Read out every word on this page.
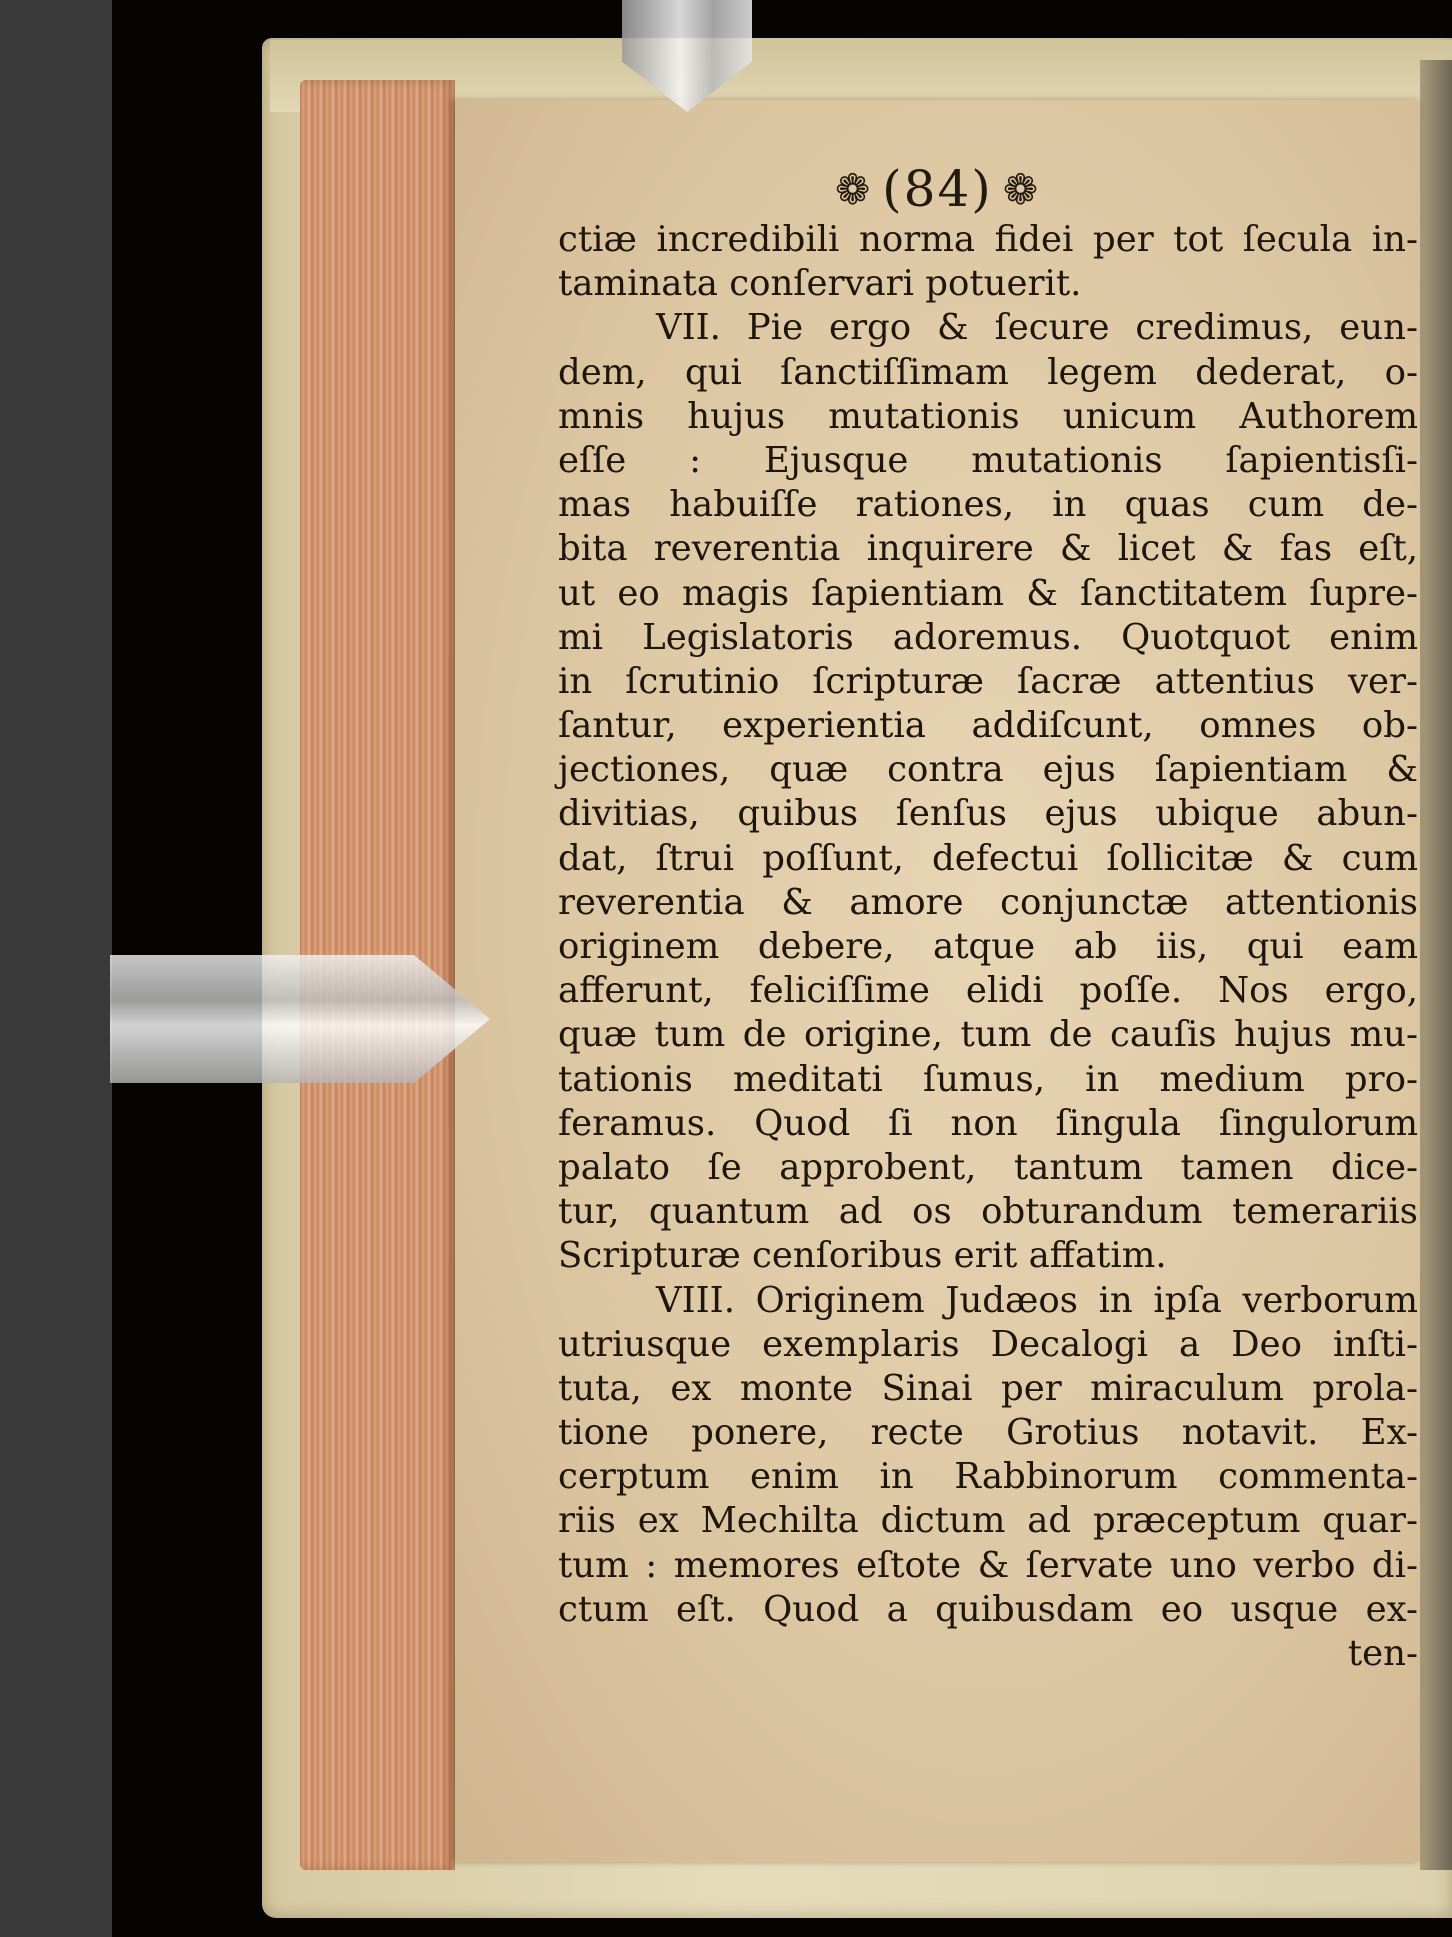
❁ (84) ❁
ctiæ incredibili norma fidei per tot ſecula in-
taminata conſervari potuerit.
VII. Pie ergo & ſecure credimus, eun-
dem, qui ſanctiſſimam legem dederat, o-
mnis hujus mutationis unicum Authorem
eſſe : Ejusque mutationis ſapientisſi-
mas habuiſſe rationes, in quas cum de-
bita reverentia inquirere & licet & fas eſt,
ut eo magis ſapientiam & ſanctitatem ſupre-
mi Legislatoris adoremus. Quotquot enim
in ſcrutinio ſcripturæ ſacræ attentius ver-
ſantur, experientia addiſcunt, omnes ob-
jectiones, quæ contra ejus ſapientiam &
divitias, quibus ſenſus ejus ubique abun-
dat, ſtrui poſſunt, defectui ſollicitæ & cum
reverentia & amore conjunctæ attentionis
originem debere, atque ab iis, qui eam
afferunt, feliciſſime elidi poſſe. Nos ergo,
quæ tum de origine, tum de cauſis hujus mu-
tationis meditati ſumus, in medium pro-
feramus. Quod ſi non ſingula ſingulorum
palato ſe approbent, tantum tamen dice-
tur, quantum ad os obturandum temerariis
Scripturæ cenſoribus erit affatim.
VIII. Originem Judæos in ipſa verborum
utriusque exemplaris Decalogi a Deo inſti-
tuta, ex monte Sinai per miraculum prola-
tione ponere, recte Grotius notavit. Ex-
cerptum enim in Rabbinorum commenta-
riis ex Mechilta dictum ad præceptum quar-
tum : memores eſtote & ſervate uno verbo di-
ctum eſt. Quod a quibusdam eo usque ex-
ten-
